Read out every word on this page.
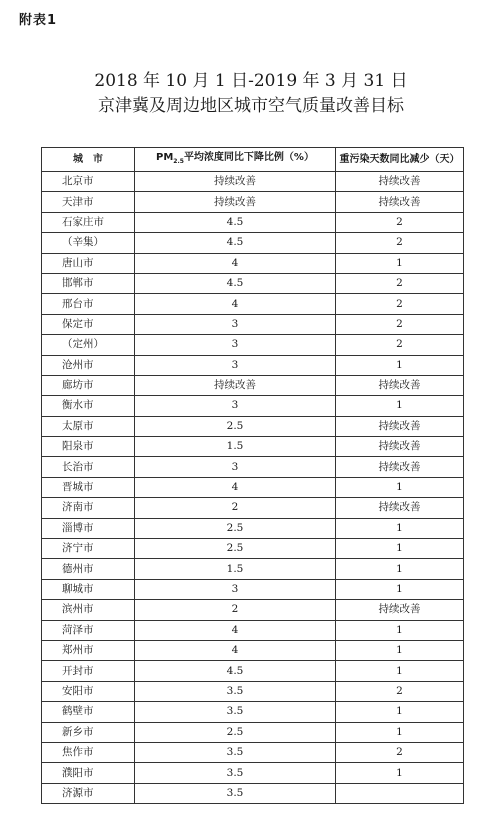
附表1
2018 年 10 月 1 日-2019 年 3 月 31 日
京津冀及周边地区城市空气质量改善目标
城　市	$PM_{2.5}$平均浓度同比下降比例（%）	重污染天数同比减少（天）
北京市	持续改善	持续改善
天津市	持续改善	持续改善
石家庄市	4.5	2
（辛集）	4.5	2
唐山市	4	1
邯郸市	4.5	2
邢台市	4	2
保定市	3	2
（定州）	3	2
沧州市	3	1
廊坊市	持续改善	持续改善
衡水市	3	1
太原市	2.5	持续改善
阳泉市	1.5	持续改善
长治市	3	持续改善
晋城市	4	1
济南市	2	持续改善
淄博市	2.5	1
济宁市	2.5	1
德州市	1.5	1
聊城市	3	1
滨州市	2	持续改善
菏泽市	4	1
郑州市	4	1
开封市	4.5	1
安阳市	3.5	2
鹤壁市	3.5	1
新乡市	2.5	1
焦作市	3.5	2
濮阳市	3.5	1
济源市	3.5	
